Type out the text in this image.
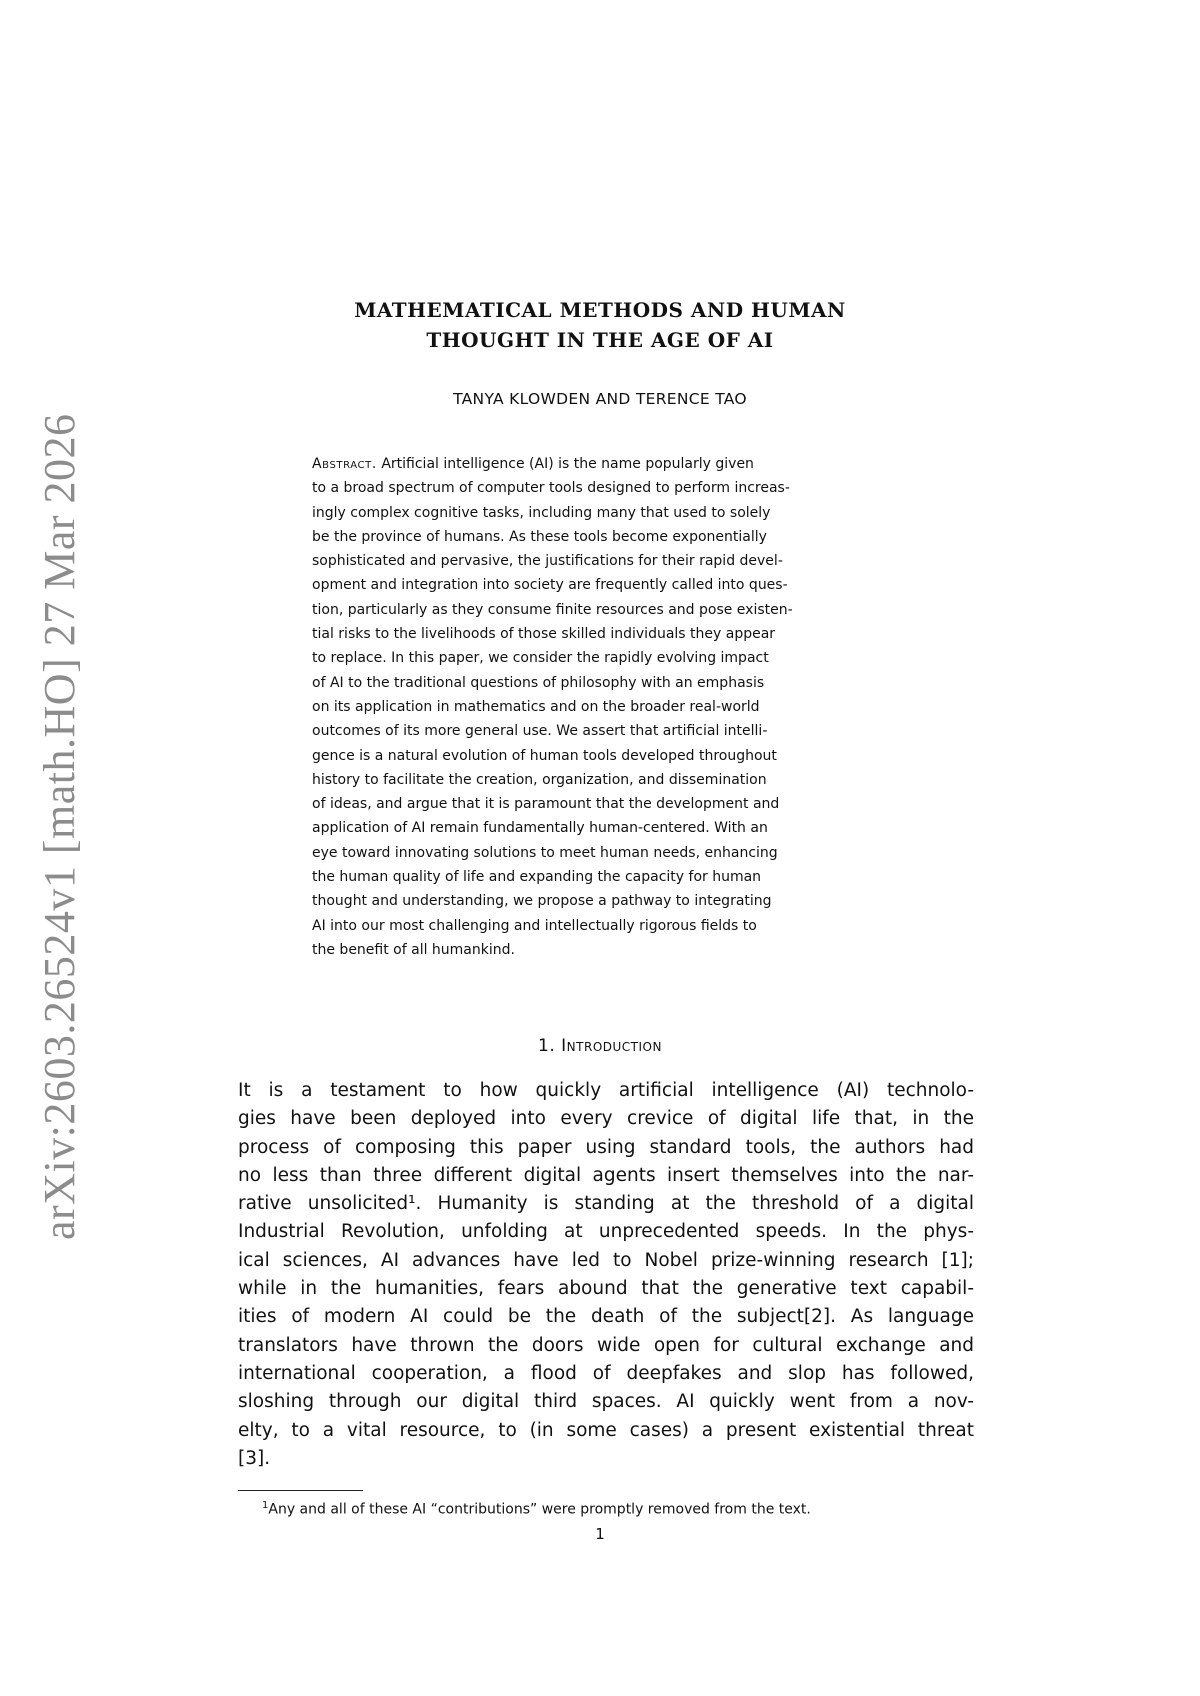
arXiv:2603.26524v1 [math.HO] 27 Mar 2026
MATHEMATICAL METHODS AND HUMAN
THOUGHT IN THE AGE OF AI
TANYA KLOWDEN AND TERENCE TAO
Abstract. Artificial intelligence (AI) is the name popularly given
to a broad spectrum of computer tools designed to perform increas-
ingly complex cognitive tasks, including many that used to solely
be the province of humans. As these tools become exponentially
sophisticated and pervasive, the justifications for their rapid devel-
opment and integration into society are frequently called into ques-
tion, particularly as they consume finite resources and pose existen-
tial risks to the livelihoods of those skilled individuals they appear
to replace. In this paper, we consider the rapidly evolving impact
of AI to the traditional questions of philosophy with an emphasis
on its application in mathematics and on the broader real-world
outcomes of its more general use. We assert that artificial intelli-
gence is a natural evolution of human tools developed throughout
history to facilitate the creation, organization, and dissemination
of ideas, and argue that it is paramount that the development and
application of AI remain fundamentally human-centered. With an
eye toward innovating solutions to meet human needs, enhancing
the human quality of life and expanding the capacity for human
thought and understanding, we propose a pathway to integrating
AI into our most challenging and intellectually rigorous fields to
the benefit of all humankind.
1. Introduction
It is a testament to how quickly artificial intelligence (AI) technolo-
gies have been deployed into every crevice of digital life that, in the
process of composing this paper using standard tools, the authors had
no less than three different digital agents insert themselves into the nar-
rative unsolicited¹. Humanity is standing at the threshold of a digital
Industrial Revolution, unfolding at unprecedented speeds. In the phys-
ical sciences, AI advances have led to Nobel prize-winning research [1];
while in the humanities, fears abound that the generative text capabil-
ities of modern AI could be the death of the subject[2]. As language
translators have thrown the doors wide open for cultural exchange and
international cooperation, a flood of deepfakes and slop has followed,
sloshing through our digital third spaces. AI quickly went from a nov-
elty, to a vital resource, to (in some cases) a present existential threat
[3].
$^1$Any and all of these AI “contributions” were promptly removed from the text.
1
